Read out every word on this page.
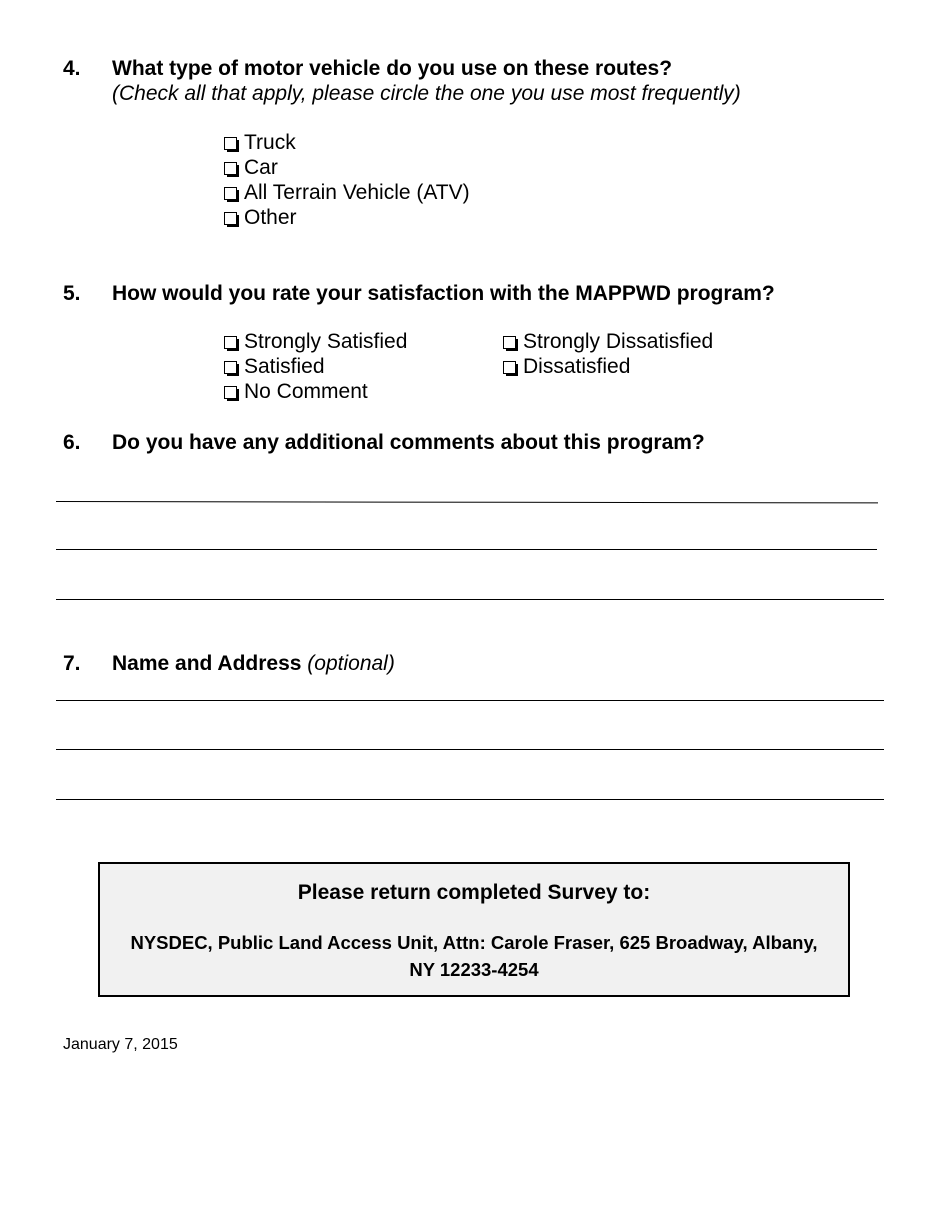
4. What type of motor vehicle do you use on these routes?
(Check all that apply, please circle the one you use most frequently)
Truck
Car
All Terrain Vehicle (ATV)
Other
5. How would you rate your satisfaction with the MAPPWD program?
Strongly Satisfied
Satisfied
No Comment
Strongly Dissatisfied
Dissatisfied
6. Do you have any additional comments about this program?
7. Name and Address (optional)
Please return completed Survey to:
NYSDEC, Public Land Access Unit, Attn: Carole Fraser, 625 Broadway, Albany, NY 12233-4254
January 7, 2015
